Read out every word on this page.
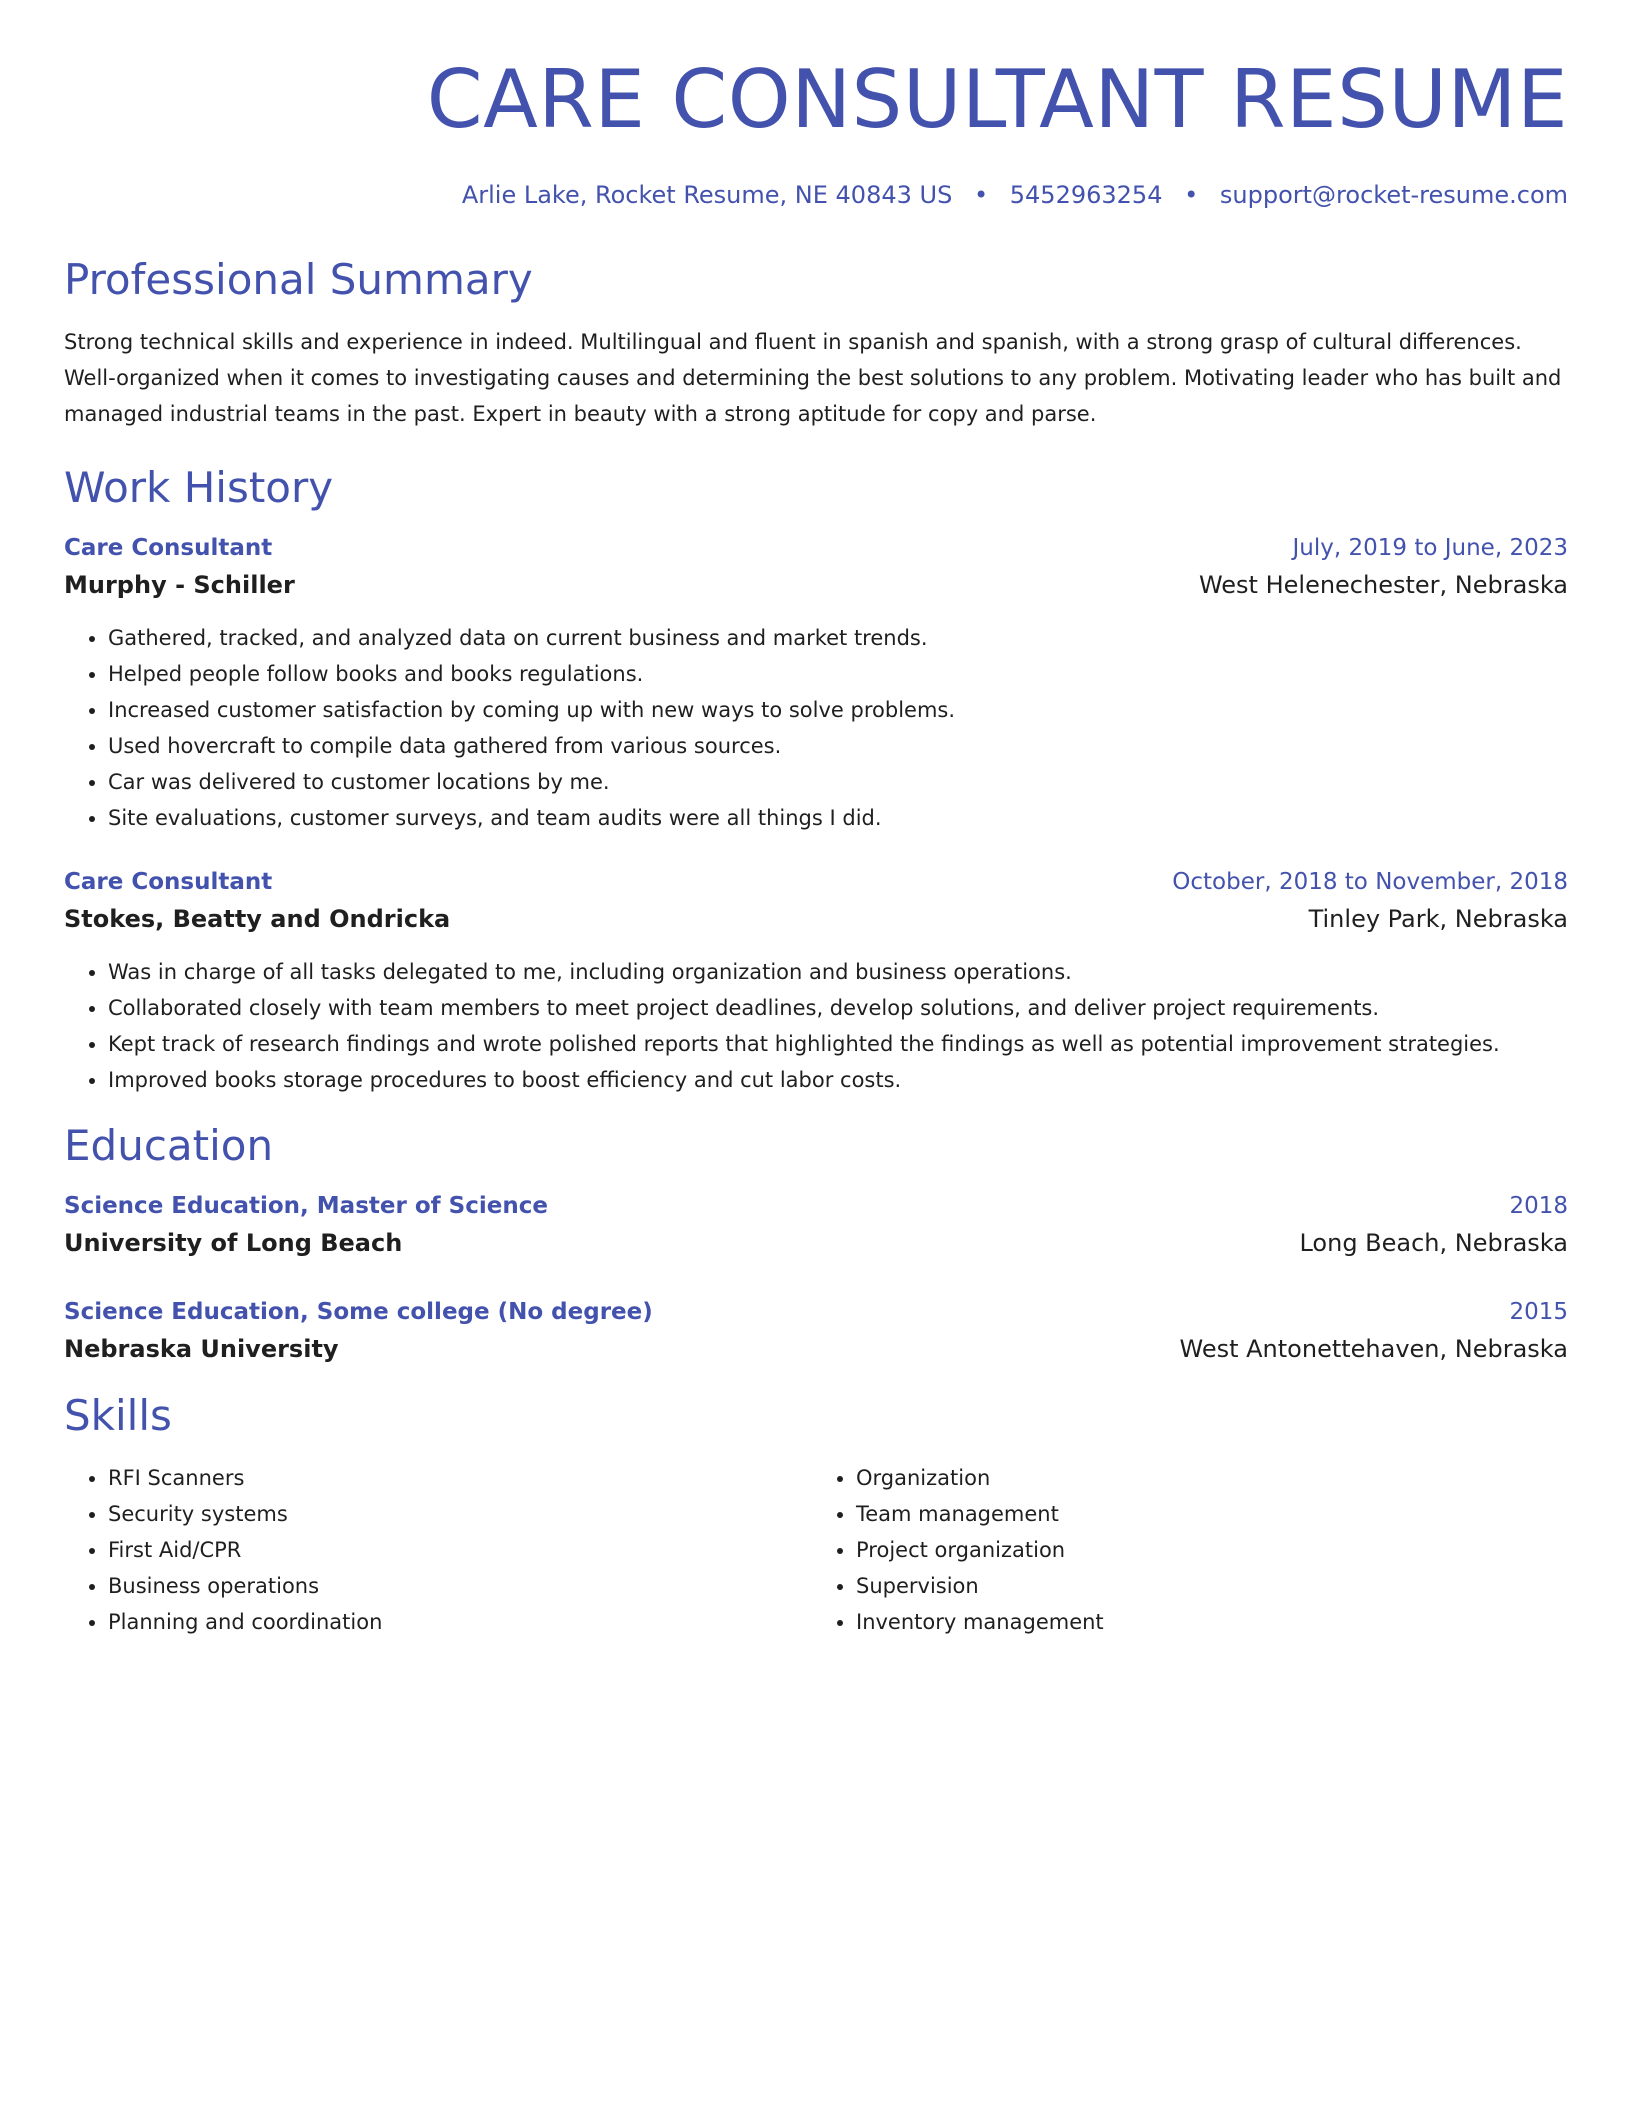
CARE CONSULTANT RESUME
Arlie Lake, Rocket Resume, NE 40843 US • 5452963254 • support@rocket-resume.com
Professional Summary
Strong technical skills and experience in indeed. Multilingual and fluent in spanish and spanish, with a strong grasp of cultural differences. Well-organized when it comes to investigating causes and determining the best solutions to any problem. Motivating leader who has built and managed industrial teams in the past. Expert in beauty with a strong aptitude for copy and parse.
Work History
Care Consultant	July, 2019 to June, 2023
Murphy - Schiller	West Helenechester, Nebraska
• Gathered, tracked, and analyzed data on current business and market trends.
• Helped people follow books and books regulations.
• Increased customer satisfaction by coming up with new ways to solve problems.
• Used hovercraft to compile data gathered from various sources.
• Car was delivered to customer locations by me.
• Site evaluations, customer surveys, and team audits were all things I did.
Care Consultant	October, 2018 to November, 2018
Stokes, Beatty and Ondricka	Tinley Park, Nebraska
• Was in charge of all tasks delegated to me, including organization and business operations.
• Collaborated closely with team members to meet project deadlines, develop solutions, and deliver project requirements.
• Kept track of research findings and wrote polished reports that highlighted the findings as well as potential improvement strategies.
• Improved books storage procedures to boost efficiency and cut labor costs.
Education
Science Education, Master of Science	2018
University of Long Beach	Long Beach, Nebraska
Science Education, Some college (No degree)	2015
Nebraska University	West Antonettehaven, Nebraska
Skills
• RFI Scanners
• Security systems
• First Aid/CPR
• Business operations
• Planning and coordination
• Organization
• Team management
• Project organization
• Supervision
• Inventory management
